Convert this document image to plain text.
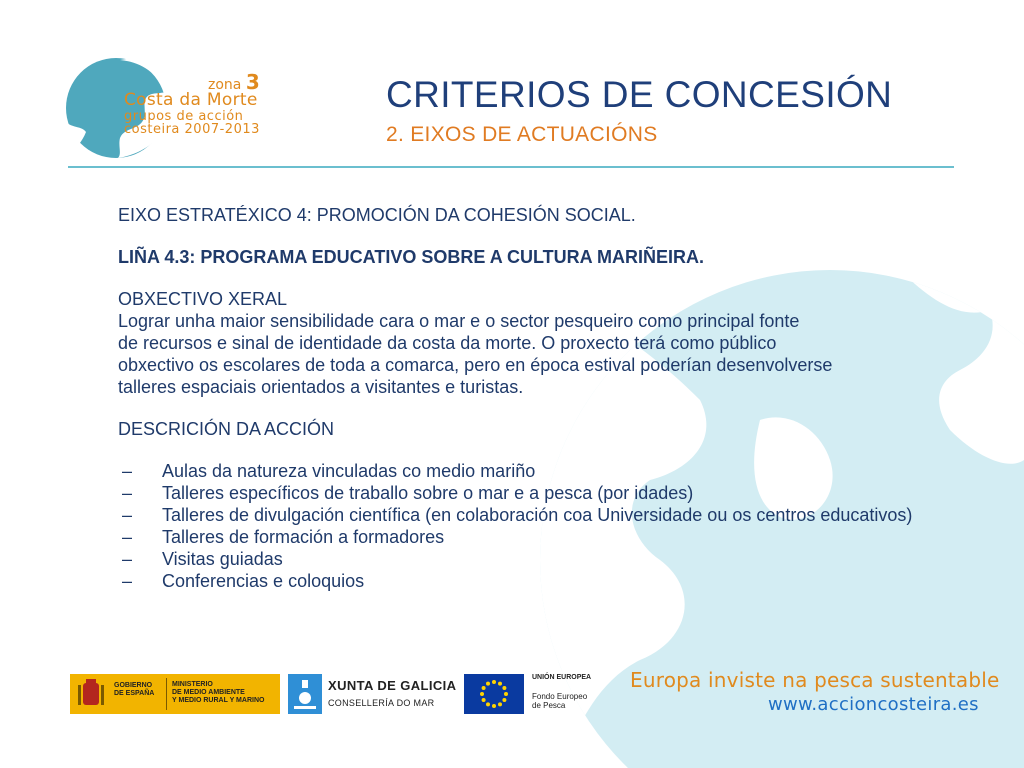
zona 3
Costa da Morte
grupos de acción
costeira 2007-2013
CRITERIOS DE CONCESIÓN
2. EIXOS DE ACTUACIÓNS

EIXO ESTRATÉXICO 4: PROMOCIÓN DA COHESIÓN SOCIAL.

LIÑA 4.3: PROGRAMA EDUCATIVO SOBRE A CULTURA MARIÑEIRA.

OBXECTIVO XERAL

Lograr unha maior sensibilidade cara o mar e o sector pesqueiro como principal fonte

de recursos e sinal de identidade da costa da morte. O proxecto terá como público

obxectivo os escolares de toda a comarca, pero en época estival poderían desenvolverse

talleres espaciais orientados a visitantes e turistas.

DESCRICIÓN DA ACCIÓN

– Aulas da natureza vinculadas co medio mariño
– Talleres específicos de traballo sobre o mar e a pesca (por idades)
– Talleres de divulgación científica (en colaboración coa Universidade ou os centros educativos)
– Talleres de formación a formadores
– Visitas guiadas
– Conferencias e coloquios
GOBIERNO
DE ESPAÑA
MINISTERIO
DE MEDIO AMBIENTE
Y MEDIO RURAL Y MARINO
XUNTA DE GALICIA
CONSELLERÍA DO MAR
UNIÓN EUROPEA
Fondo Europeo
de Pesca
Europa inviste na pesca sustentable
www.accioncosteira.es
